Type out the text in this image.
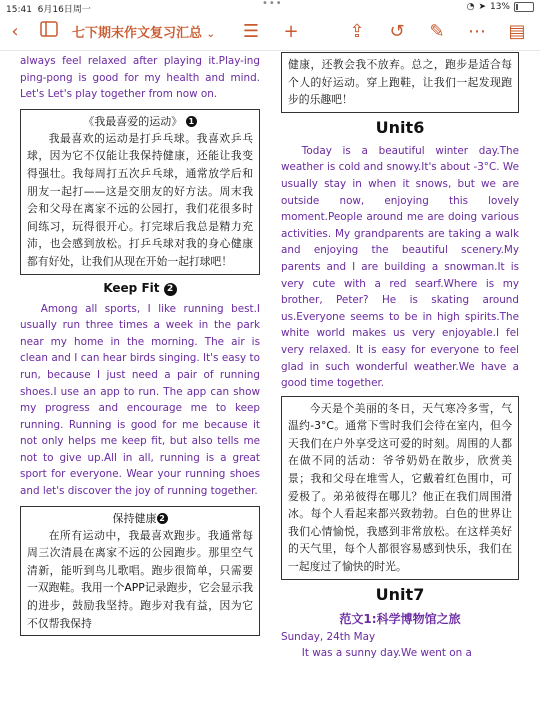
15:41 6月16日周一
•••	◔ ➤ 13%
‹	七下期末作文复习汇总 ⌄ ☰ +	⇪ ↺ ✎ ⋯ ▤

always feel relaxed after playing it.Play-ing ping-pong is good for my health and mind. Let's Let's play together from now on.

《我最喜爱的运动》 1

我最喜欢的运动是打乒乓球。我喜欢乒乓球，因为它不仅能让我保持健康，还能让我变得强壮。我每周打五次乒乓球，通常放学后和朋友一起打——这是交朋友的好方法。周末我会和父母在离家不远的公园打，我们花很多时间练习，玩得很开心。打完球后我总是精力充沛，也会感到放松。打乒乓球对我的身心健康都有好处，让我们从现在开始一起打球吧！

Keep Fit 2

Among all sports, I like running best.I usually run three times a week in the park near my home in the morning. The air is clean and I can hear birds singing. It's easy to run, because I just need a pair of running shoes.I use an app to run. The app can show my progress and encourage me to keep running. Running is good for me because it not only helps me keep fit, but also tells me not to give up.All in all, running is a great sport for everyone. Wear your running shoes and let's discover the joy of running together.

保持健康 2

在所有运动中，我最喜欢跑步。我通常每周三次清晨在离家不远的公园跑步。那里空气清新，能听到鸟儿歌唱。跑步很简单，只需要一双跑鞋。我用一个APP记录跑步，它会显示我的进步，鼓励我坚持。跑步对我有益，因为它不仅帮我保持

健康，还教会我不放弃。总之，跑步是适合每个人的好运动。穿上跑鞋，让我们一起发现跑步的乐趣吧！

Unit6

Today is a beautiful winter day.The weather is cold and snowy.It's about -3°C. We usually stay in when it snows, but we are outside now, enjoying this lovely moment.People around me are doing various activities. My grandparents are taking a walk and enjoying the beautiful scenery.My parents and I are building a snowman.It is very cute with a red searf.Where is my brother, Peter? He is skating around us.Everyone seems to be in high spirits.The white world makes us very enjoyable.I fel very relaxed. It is easy for everyone to feel glad in such wonderful weather.We have a good time together.

今天是个美丽的冬日，天气寒冷多雪，气温约-3°C。通常下雪时我们会待在室内，但今天我们在户外享受这可爱的时刻。周围的人都在做不同的活动：爷爷奶奶在散步，欣赏美景；我和父母在堆雪人，它戴着红色围巾，可爱极了。弟弟彼得在哪儿？他正在我们周围滑冰。每个人看起来都兴致勃勃。白色的世界让我们心情愉悦，我感到非常放松。在这样美好的天气里，每个人都很容易感到快乐，我们在一起度过了愉快的时光。

Unit7
范文1:科学博物馆之旅
Sunday, 24th May

It was a sunny day.We went on a
